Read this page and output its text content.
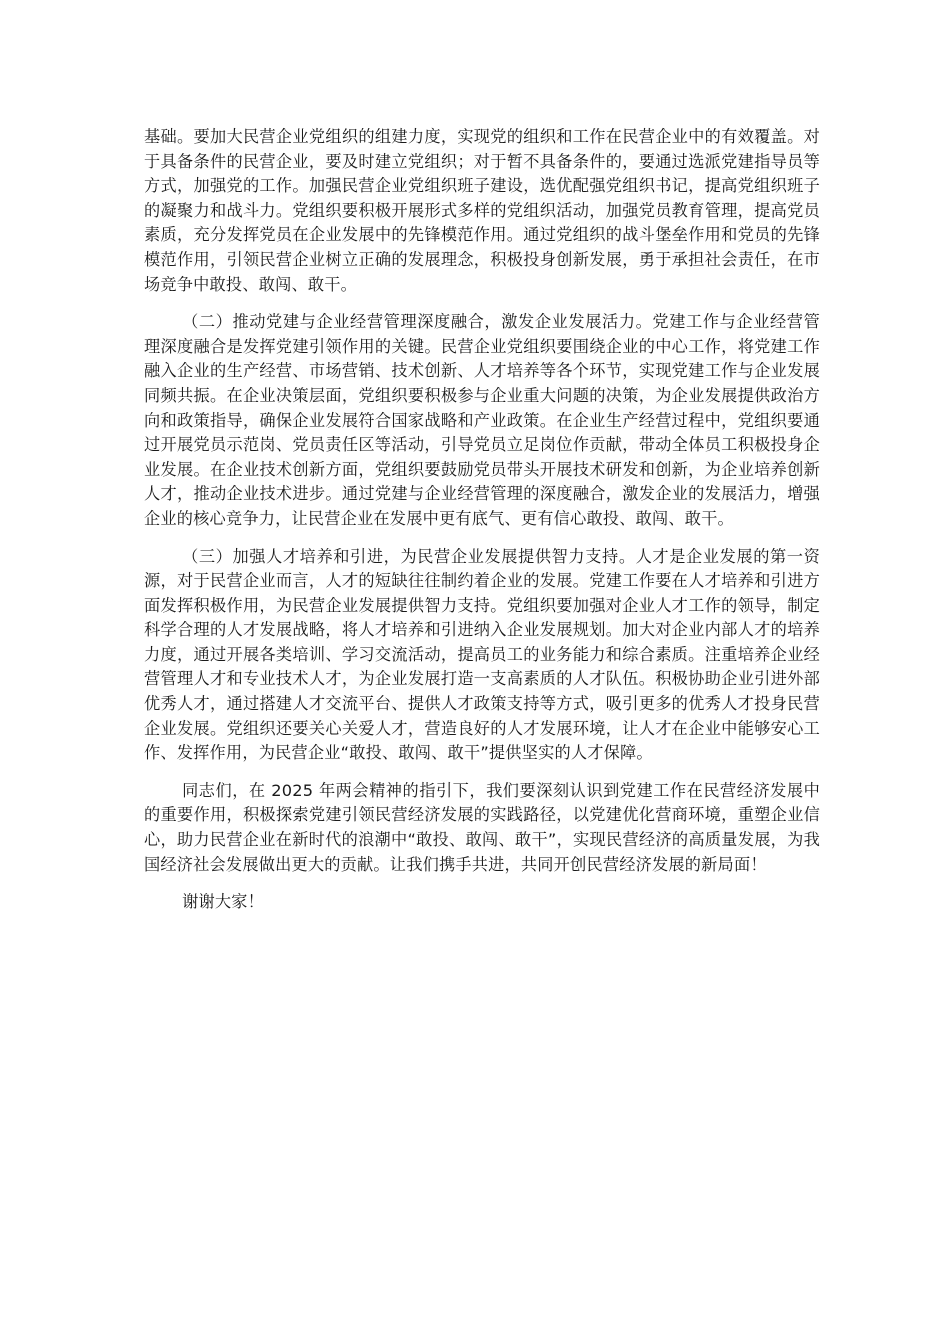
基础。要加大民营企业党组织的组建力度，实现党的组织和工作在民营企业中的有效覆盖。对于具备条件的民营企业，要及时建立党组织；对于暂不具备条件的，要通过选派党建指导员等方式，加强党的工作。加强民营企业党组织班子建设，选优配强党组织书记，提高党组织班子的凝聚力和战斗力。党组织要积极开展形式多样的党组织活动，加强党员教育管理，提高党员素质，充分发挥党员在企业发展中的先锋模范作用。通过党组织的战斗堡垒作用和党员的先锋模范作用，引领民营企业树立正确的发展理念，积极投身创新发展，勇于承担社会责任，在市场竞争中敢投、敢闯、敢干。

（二）推动党建与企业经营管理深度融合，激发企业发展活力。党建工作与企业经营管理深度融合是发挥党建引领作用的关键。民营企业党组织要围绕企业的中心工作，将党建工作融入企业的生产经营、市场营销、技术创新、人才培养等各个环节，实现党建工作与企业发展同频共振。在企业决策层面，党组织要积极参与企业重大问题的决策，为企业发展提供政治方向和政策指导，确保企业发展符合国家战略和产业政策。在企业生产经营过程中，党组织要通过开展党员示范岗、党员责任区等活动，引导党员立足岗位作贡献，带动全体员工积极投身企业发展。在企业技术创新方面，党组织要鼓励党员带头开展技术研发和创新，为企业培养创新人才，推动企业技术进步。通过党建与企业经营管理的深度融合，激发企业的发展活力，增强企业的核心竞争力，让民营企业在发展中更有底气、更有信心敢投、敢闯、敢干。

（三）加强人才培养和引进，为民营企业发展提供智力支持。人才是企业发展的第一资源，对于民营企业而言，人才的短缺往往制约着企业的发展。党建工作要在人才培养和引进方面发挥积极作用，为民营企业发展提供智力支持。党组织要加强对企业人才工作的领导，制定科学合理的人才发展战略，将人才培养和引进纳入企业发展规划。加大对企业内部人才的培养力度，通过开展各类培训、学习交流活动，提高员工的业务能力和综合素质。注重培养企业经营管理人才和专业技术人才，为企业发展打造一支高素质的人才队伍。积极协助企业引进外部优秀人才，通过搭建人才交流平台、提供人才政策支持等方式，吸引更多的优秀人才投身民营企业发展。党组织还要关心关爱人才，营造良好的人才发展环境，让人才在企业中能够安心工作、发挥作用，为民营企业“敢投、敢闯、敢干”提供坚实的人才保障。

同志们，在 2025 年两会精神的指引下，我们要深刻认识到党建工作在民营经济发展中的重要作用，积极探索党建引领民营经济发展的实践路径，以党建优化营商环境，重塑企业信心，助力民营企业在新时代的浪潮中“敢投、敢闯、敢干”，实现民营经济的高质量发展，为我国经济社会发展做出更大的贡献。让我们携手共进，共同开创民营经济发展的新局面！

谢谢大家！
